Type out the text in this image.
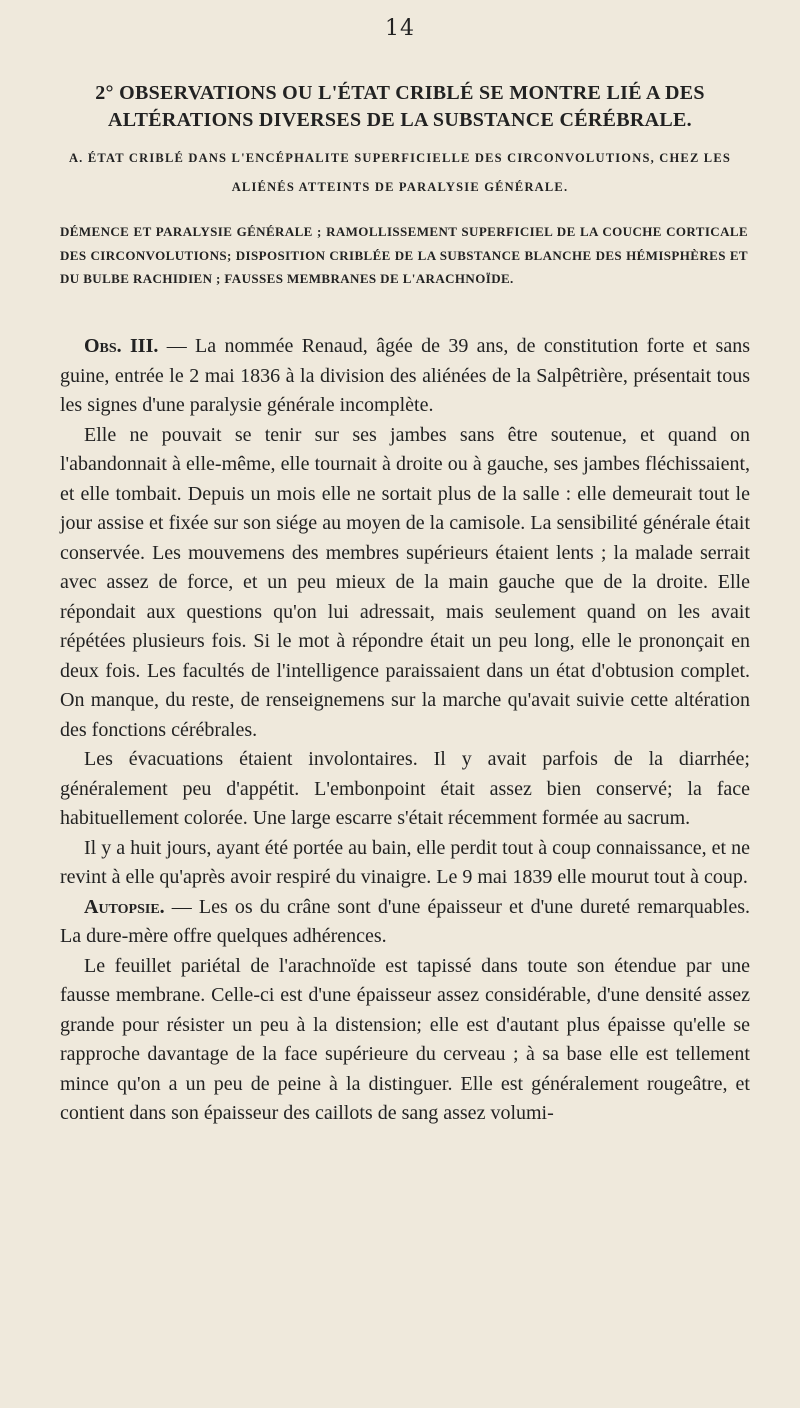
14
2° OBSERVATIONS OU L'ÉTAT CRIBLÉ SE MONTRE LIÉ A DES ALTÉRATIONS DIVERSES DE LA SUBSTANCE CÉRÉBRALE.
A. ÉTAT CRIBLÉ DANS L'ENCÉPHALITE SUPERFICIELLE DES CIRCONVOLUTIONS, CHEZ LES ALIÉNÉS ATTEINTS DE PARALYSIE GÉNÉRALE.
DÉMENCE ET PARALYSIE GÉNÉRALE ; RAMOLLISSEMENT SUPERFICIEL DE LA COUCHE CORTICALE DES CIRCONVOLUTIONS; DISPOSITION CRIBLÉE DE LA SUBSTANCE BLANCHE DES HÉMISPHÈRES ET DU BULBE RACHIDIEN ; FAUSSES MEMBRANES DE L'ARACHNOÏDE.

Obs. III. — La nommée Renaud, âgée de 39 ans, de constitution forte et sans guine, entrée le 2 mai 1836 à la division des aliénées de la Salpêtrière, présentait tous les signes d'une paralysie générale incomplète.

Elle ne pouvait se tenir sur ses jambes sans être soutenue, et quand on l'abandonnait à elle-même, elle tournait à droite ou à gauche, ses jambes fléchissaient, et elle tombait. Depuis un mois elle ne sortait plus de la salle : elle demeurait tout le jour assise et fixée sur son siége au moyen de la camisole. La sensibilité générale était conservée. Les mouvemens des membres supérieurs étaient lents ; la malade serrait avec assez de force, et un peu mieux de la main gauche que de la droite. Elle répondait aux questions qu'on lui adressait, mais seulement quand on les avait répétées plusieurs fois. Si le mot à répondre était un peu long, elle le prononçait en deux fois. Les facultés de l'intelligence paraissaient dans un état d'obtusion complet. On manque, du reste, de renseignemens sur la marche qu'avait suivie cette altération des fonctions cérébrales.

Les évacuations étaient involontaires. Il y avait parfois de la diarrhée; généralement peu d'appétit. L'embonpoint était assez bien conservé; la face habituellement colorée. Une large escarre s'était récemment formée au sacrum.

Il y a huit jours, ayant été portée au bain, elle perdit tout à coup connaissance, et ne revint à elle qu'après avoir respiré du vinaigre. Le 9 mai 1839 elle mourut tout à coup.

Autopsie. — Les os du crâne sont d'une épaisseur et d'une dureté remarquables. La dure-mère offre quelques adhérences.

Le feuillet pariétal de l'arachnoïde est tapissé dans toute son étendue par une fausse membrane. Celle-ci est d'une épaisseur assez considérable, d'une densité assez grande pour résister un peu à la distension; elle est d'autant plus épaisse qu'elle se rapproche davantage de la face supérieure du cerveau ; à sa base elle est tellement mince qu'on a un peu de peine à la distinguer. Elle est généralement rougeâtre, et contient dans son épaisseur des caillots de sang assez volumi-
